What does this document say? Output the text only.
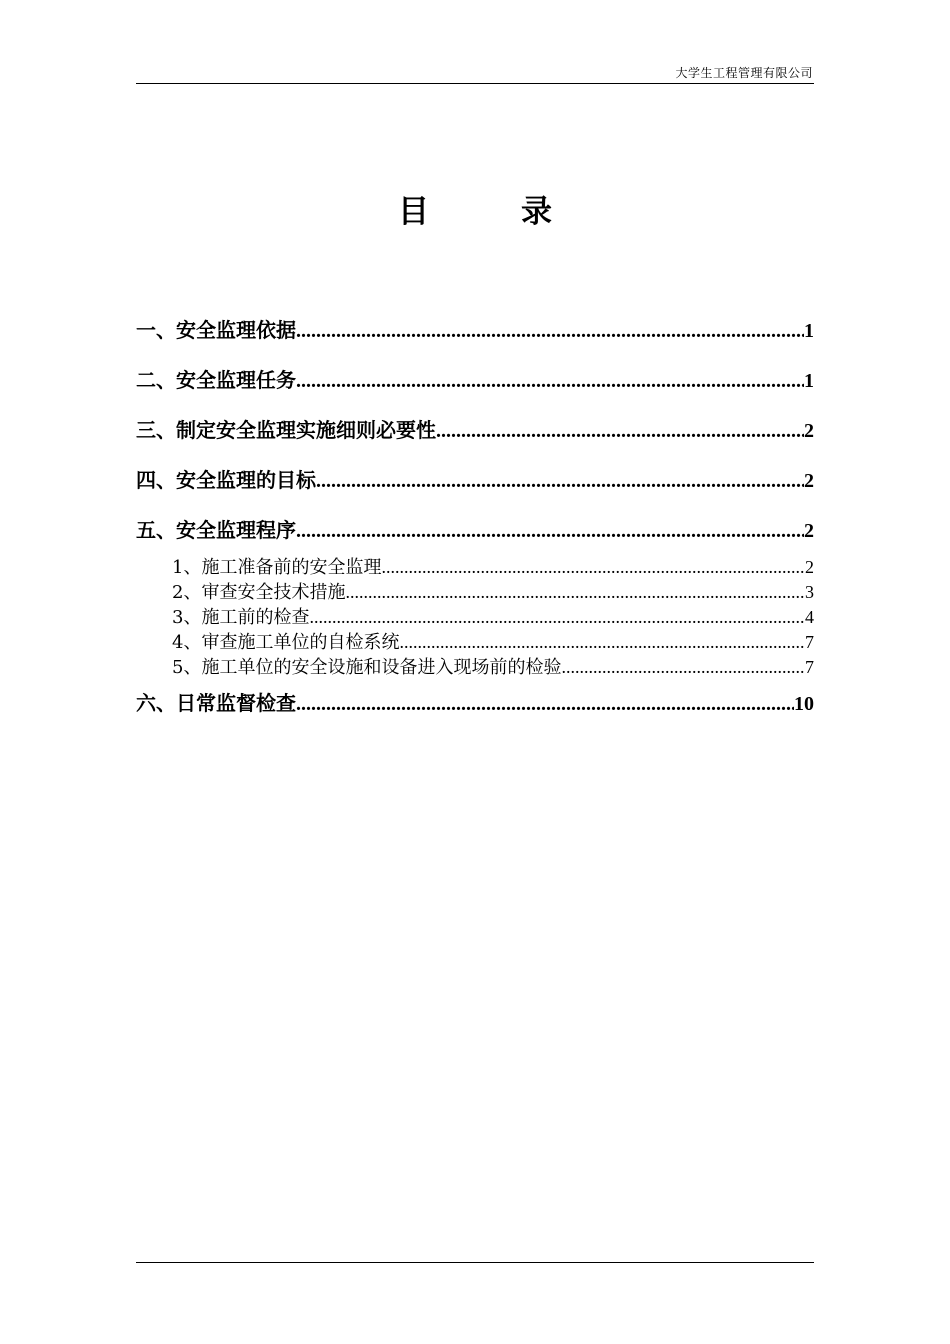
大学生工程管理有限公司
目	录
一、安全监理依据 .....	1
二、安全监理任务 .....	1
三、制定安全监理实施细则必要性 .....	2
四、安全监理的目标 .....	2
五、安全监理程序 .....	2
1、施工准备前的安全监理 .....	2
2、审查安全技术措施 .....	3
3、施工前的检查 .....	4
4、审查施工单位的自检系统 .....	7
5、施工单位的安全设施和设备进入现场前的检验 .....	7
六、日常监督检查 .....	10
